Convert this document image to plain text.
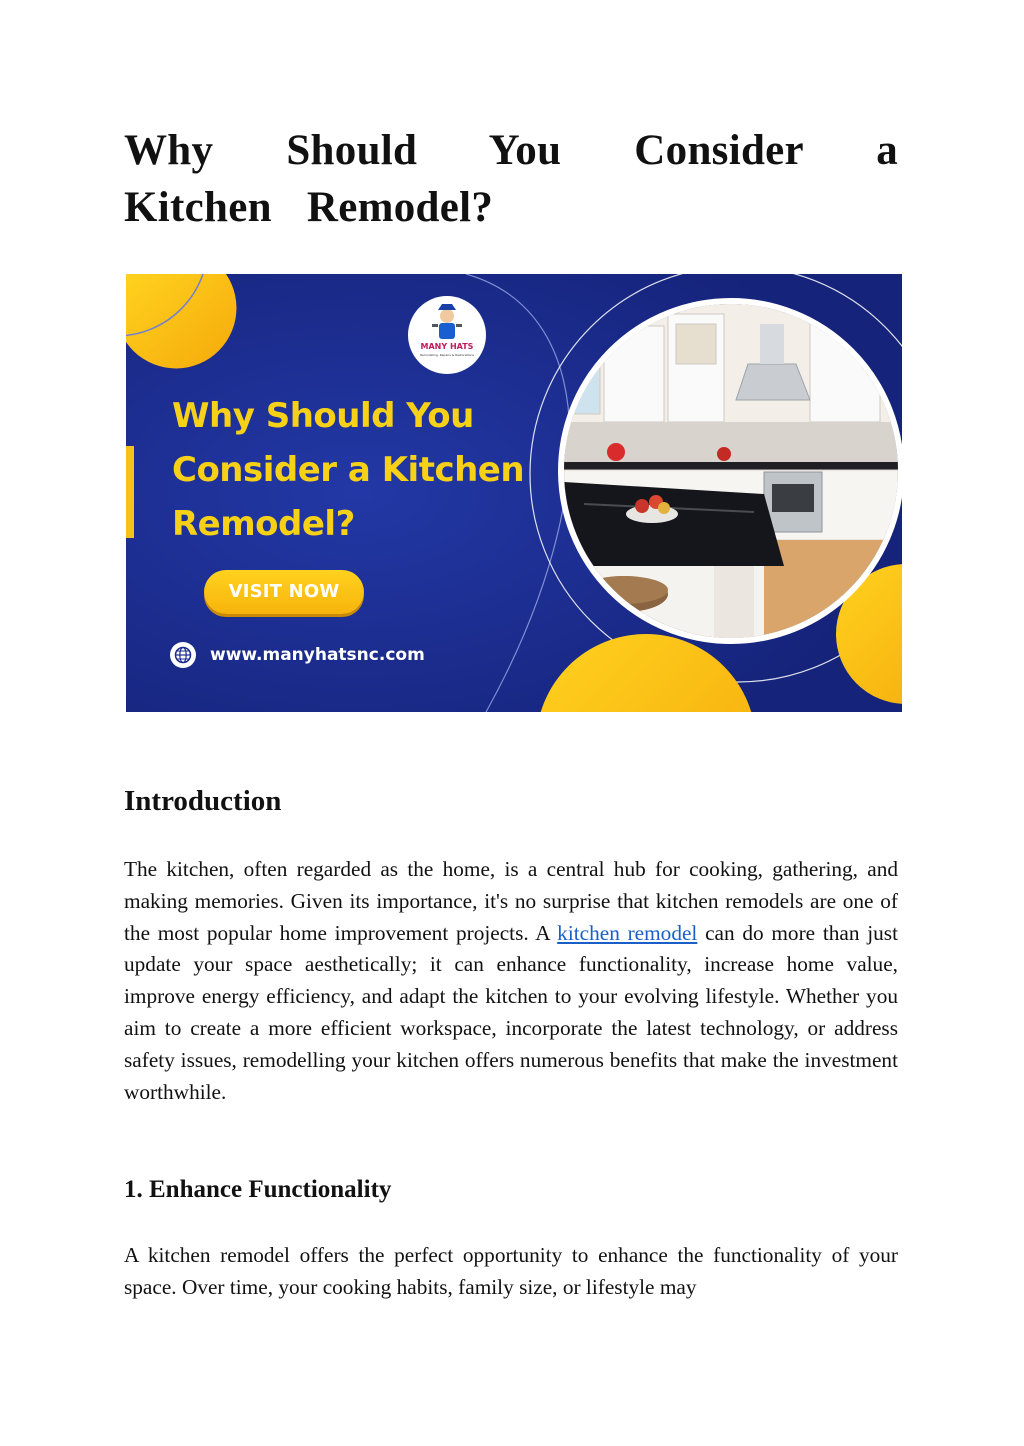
Why Should You Consider a Kitchen Remodel?
Introduction

The kitchen, often regarded as the home, is a central hub for cooking, gathering, and making memories. Given its importance, it's no surprise that kitchen remodels are one of the most popular home improvement projects. A kitchen remodel can do more than just update your space aesthetically; it can enhance functionality, increase home value, improve energy efficiency, and adapt the kitchen to your evolving lifestyle. Whether you aim to create a more efficient workspace, incorporate the latest technology, or address safety issues, remodelling your kitchen offers numerous benefits that make the investment worthwhile.

1. Enhance Functionality

A kitchen remodel offers the perfect opportunity to enhance the functionality of your space. Over time, your cooking habits, family size, or lifestyle may

MANY HATS
Remodeling, Repairs & Restorations
Why Should You Consider a Kitchen Remodel?
VISIT NOW
www.manyhatsnc.com
